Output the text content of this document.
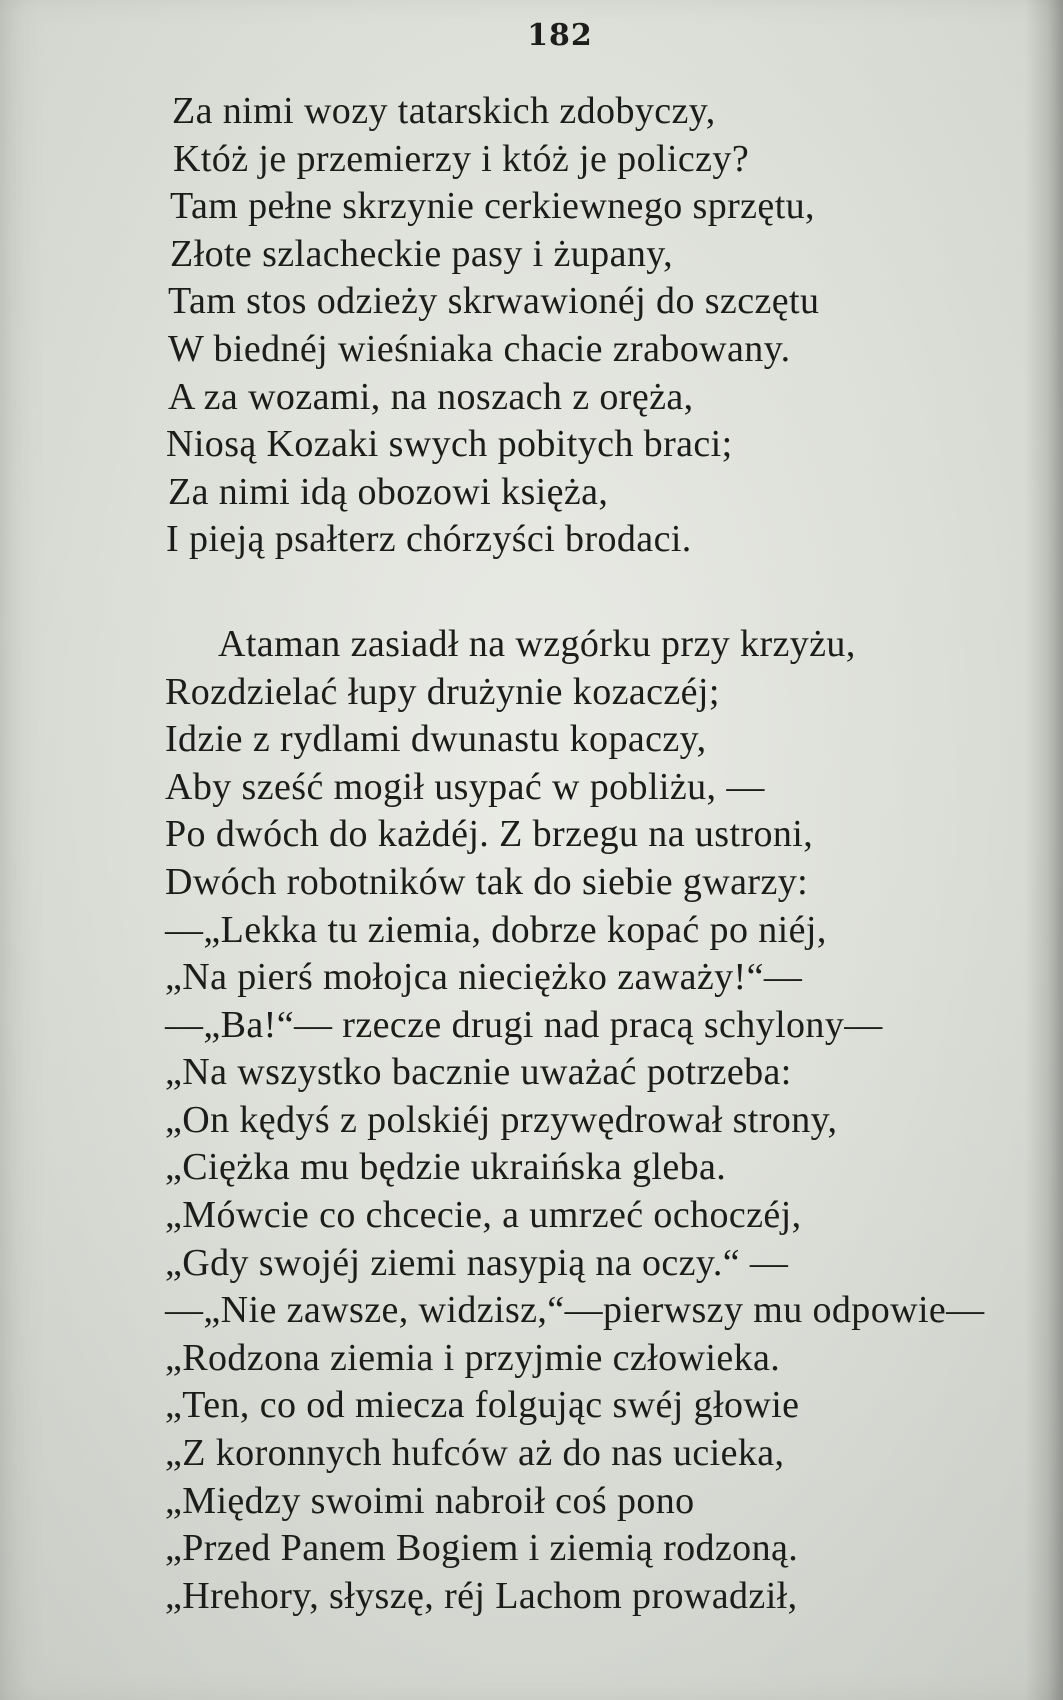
182
Za nimi wozy tatarskich zdobyczy,
Któż je przemierzy i któż je policzy?
Tam pełne skrzynie cerkiewnego sprzętu,
Złote szlacheckie pasy i żupany,
Tam stos odzieży skrwawionéj do szczętu
W biednéj wieśniaka chacie zrabowany.
A za wozami, na noszach z oręża,
Niosą Kozaki swych pobitych braci;
Za nimi idą obozowi księża,
I pieją psałterz chórzyści brodaci.
Ataman zasiadł na wzgórku przy krzyżu,
Rozdzielać łupy drużynie kozaczéj;
Idzie z rydlami dwunastu kopaczy,
Aby sześć mogił usypać w pobliżu, —
Po dwóch do każdéj. Z brzegu na ustroni,
Dwóch robotników tak do siebie gwarzy:
—„Lekka tu ziemia, dobrze kopać po niéj,
„Na pierś mołojca nieciężko zaważy!“—
—„Ba!“— rzecze drugi nad pracą schylony—
„Na wszystko bacznie uważać potrzeba:
„On kędyś z polskiéj przywędrował strony,
„Ciężka mu będzie ukraińska gleba.
„Mówcie co chcecie, a umrzeć ochoczéj,
„Gdy swojéj ziemi nasypią na oczy.“ —
—„Nie zawsze, widzisz,“—pierwszy mu odpowie—
„Rodzona ziemia i przyjmie człowieka.
„Ten, co od miecza folgując swéj głowie
„Z koronnych hufców aż do nas ucieka,
„Między swoimi nabroił coś pono
„Przed Panem Bogiem i ziemią rodzoną.
„Hrehory, słyszę, réj Lachom prowadził,
